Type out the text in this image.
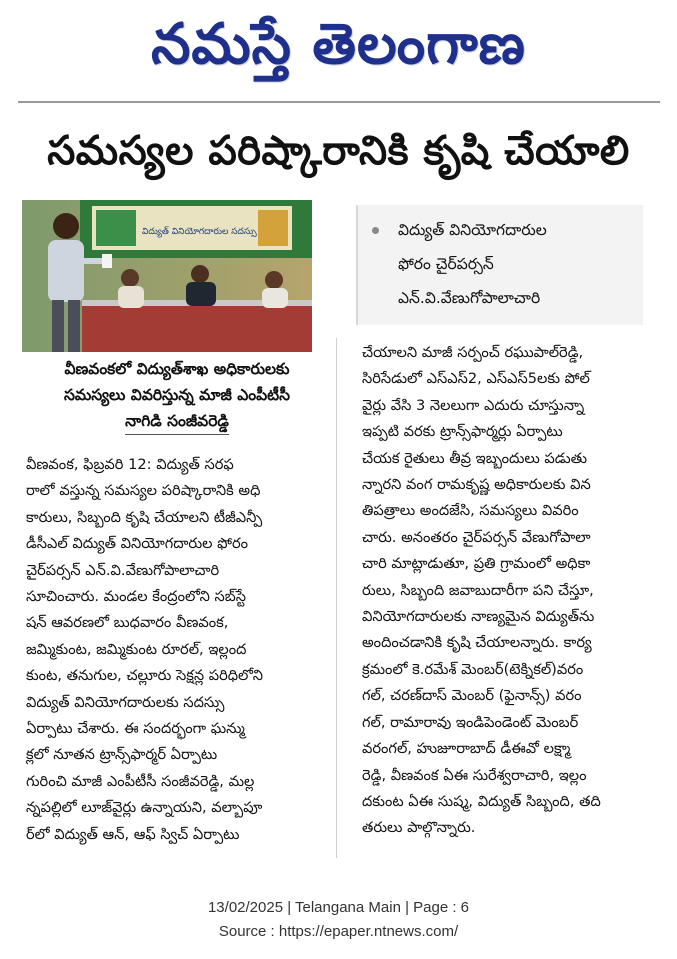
నమస్తే తెలంగాణ
సమస్యల పరిష్కారానికి కృషి చేయాలి
విద్యుత్ వినియోగదారుల సదస్సు
వీణవంకలో విద్యుత్‌శాఖ అధికారులకు
సమస్యలు వివరిస్తున్న మాజీ ఎంపీటీసీ
నాగిడి సంజీవరెడ్డి
విద్యుత్ వినియోగదారుల
ఫోరం చైర్‌పర్సన్
ఎన్.వి.వేణుగోపాలాచారి
వీణవంక, ఫిబ్రవరి 12: విద్యుత్ సరఫ
రాలో వస్తున్న సమస్యల పరిష్కారానికి అధి
కారులు, సిబ్బంది కృషి చేయాలని టీజీఎన్పీ
డీసీఎల్ విద్యుత్ వినియోగదారుల ఫోరం
చైర్‌పర్సన్ ఎన్.వి.వేణుగోపాలాచారి
సూచించారు. మండల కేంద్రంలోని సబ్‌స్టే
షన్ ఆవరణలో బుధవారం వీణవంక,
జమ్మికుంట, జమ్మికుంట రూరల్, ఇల్లంద
కుంట, తనుగుల, చల్లూరు సెక్షన్ల పరిధిలోని
విద్యుత్ వినియోగదారులకు సదస్సు
ఏర్పాటు చేశారు. ఈ సందర్భంగా ఘన్ము
క్లలో నూతన ట్రాన్స్‌ఫార్మర్ ఏర్పాటు
గురించి మాజీ ఎంపీటీసీ సంజీవరెడ్డి, మల్ల
న్నపల్లిలో లూజ్‌వైర్లు ఉన్నాయని, వల్బాపూ
ర్‌లో విద్యుత్ ఆన్, ఆఫ్ స్విచ్ ఏర్పాటు
చేయాలని మాజీ సర్పంచ్ రఘుపాల్‌రెడ్డి,
సిరిసేడులో ఎస్ఎస్2, ఎస్ఎస్5లకు పోల్
వైర్లు వేసి 3 నెలలుగా ఎదురు చూస్తున్నా
ఇప్పటి వరకు ట్రాన్స్‌ఫార్మర్లు ఏర్పాటు
చేయక రైతులు తీవ్ర ఇబ్బందులు పడుతు
న్నారని వంగ రామకృష్ణ అధికారులకు విన
తిపత్రాలు అందజేసి, సమస్యలు వివరిం
చారు. అనంతరం చైర్‌పర్సన్ వేణుగోపాలా
చారి మాట్లాడుతూ, ప్రతి గ్రామంలో అధికా
రులు, సిబ్బంది జవాబుదారీగా పని చేస్తూ,
వినియోగదారులకు నాణ్యమైన విద్యుత్‌ను
అందించడానికి కృషి చేయాలన్నారు. కార్య
క్రమంలో కె.రమేశ్ మెంబర్(టెక్నికల్)వరం
గల్, చరణ్‌దాస్ మెంబర్ (ఫైనాన్స్) వరం
గల్, రామారావు ఇండిపెండెంట్ మెంబర్
వరంగల్, హుజూరాబాద్ డీఈవో లక్ష్మా
రెడ్డి, వీణవంక ఏఈ సురేశ్వరాచారి, ఇల్లం
దకుంట ఏఈ సుష్మ, విద్యుత్ సిబ్బంది, తది
తరులు పాల్గొన్నారు.
13/02/2025 | Telangana Main | Page : 6
Source : https://epaper.ntnews.com/
